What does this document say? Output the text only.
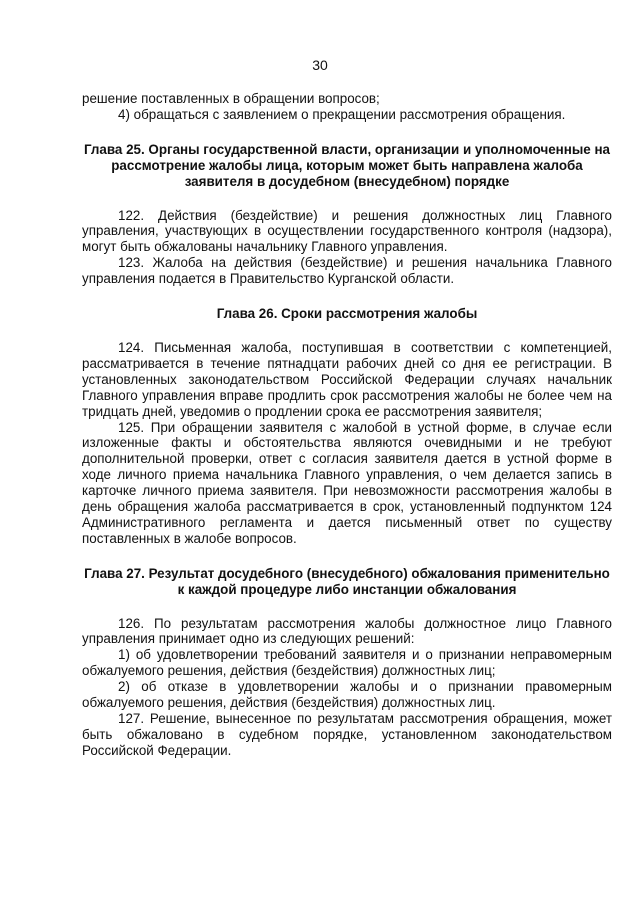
30

решение поставленных в обращении вопросов;

4) обращаться с заявлением о прекращении рассмотрения обращения.

Глава 25. Органы государственной власти, организации и уполномоченные на рассмотрение жалобы лица, которым может быть направлена жалоба заявителя в досудебном (внесудебном) порядке

122. Действия (бездействие) и решения должностных лиц Главного управления, участвующих в осуществлении государственного контроля (надзора), могут быть обжалованы начальнику Главного управления.

123. Жалоба на действия (бездействие) и решения начальника Главного управления подается в Правительство Курганской области.

Глава 26. Сроки рассмотрения жалобы

124. Письменная жалоба, поступившая в соответствии с компетенцией, рассматривается в течение пятнадцати рабочих дней со дня ее регистрации. В установленных законодательством Российской Федерации случаях начальник Главного управления вправе продлить срок рассмотрения жалобы не более чем на тридцать дней, уведомив о продлении срока ее рассмотрения заявителя;

125. При обращении заявителя с жалобой в устной форме, в случае если изложенные факты и обстоятельства являются очевидными и не требуют дополнительной проверки, ответ с согласия заявителя дается в устной форме в ходе личного приема начальника Главного управления, о чем делается запись в карточке личного приема заявителя. При невозможности рассмотрения жалобы в день обращения жалоба рассматривается в срок, установленный подпунктом 124 Административного регламента и дается письменный ответ по существу поставленных в жалобе вопросов.

Глава 27. Результат досудебного (внесудебного) обжалования применительно к каждой процедуре либо инстанции обжалования

126. По результатам рассмотрения жалобы должностное лицо Главного управления принимает одно из следующих решений:

1) об удовлетворении требований заявителя и о признании неправомерным обжалуемого решения, действия (бездействия) должностных лиц;

2) об отказе в удовлетворении жалобы и о признании правомерным обжалуемого решения, действия (бездействия) должностных лиц.

127. Решение, вынесенное по результатам рассмотрения обращения, может быть обжаловано в судебном порядке, установленном законодательством Российской Федерации.
